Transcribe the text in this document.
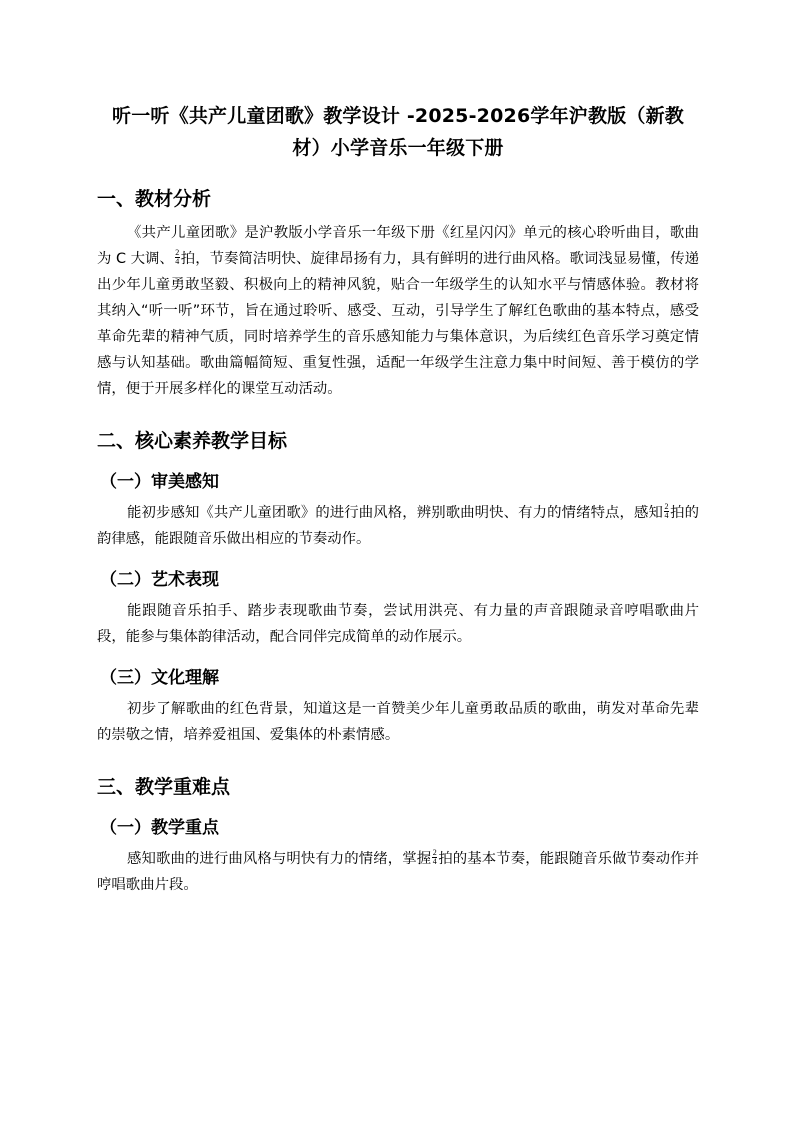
听一听《共产儿童团歌》教学设计 -2025-2026学年沪教版（新教
材）小学音乐一年级下册
一、教材分析

《共产儿童团歌》是沪教版小学音乐一年级下册《红星闪闪》单元的核心聆听曲目，歌曲为 C 大调、 $\frac{2}{4}$ 拍，节奏简洁明快、旋律昂扬有力，具有鲜明的进行曲风格。歌词浅显易懂，传递出少年儿童勇敢坚毅、积极向上的精神风貌，贴合一年级学生的认知水平与情感体验。教材将其纳入“听一听”环节，旨在通过聆听、感受、互动，引导学生了解红色歌曲的基本特点，感受革命先辈的精神气质，同时培养学生的音乐感知能力与集体意识，为后续红色音乐学习奠定情感与认知基础。歌曲篇幅简短、重复性强，适配一年级学生注意力集中时间短、善于模仿的学情，便于开展多样化的课堂互动活动。

二、核心素养教学目标
（一）审美感知

能初步感知《共产儿童团歌》的进行曲风格，辨别歌曲明快、有力的情绪特点，感知 $\frac{2}{4}$ 拍的韵律感，能跟随音乐做出相应的节奏动作。

（二）艺术表现

能跟随音乐拍手、踏步表现歌曲节奏，尝试用洪亮、有力量的声音跟随录音哼唱歌曲片段，能参与集体韵律活动，配合同伴完成简单的动作展示。

（三）文化理解

初步了解歌曲的红色背景，知道这是一首赞美少年儿童勇敢品质的歌曲，萌发对革命先辈的崇敬之情，培养爱祖国、爱集体的朴素情感。

三、教学重难点
（一）教学重点

感知歌曲的进行曲风格与明快有力的情绪，掌握 $\frac{2}{4}$ 拍的基本节奏，能跟随音乐做节奏动作并哼唱歌曲片段。
